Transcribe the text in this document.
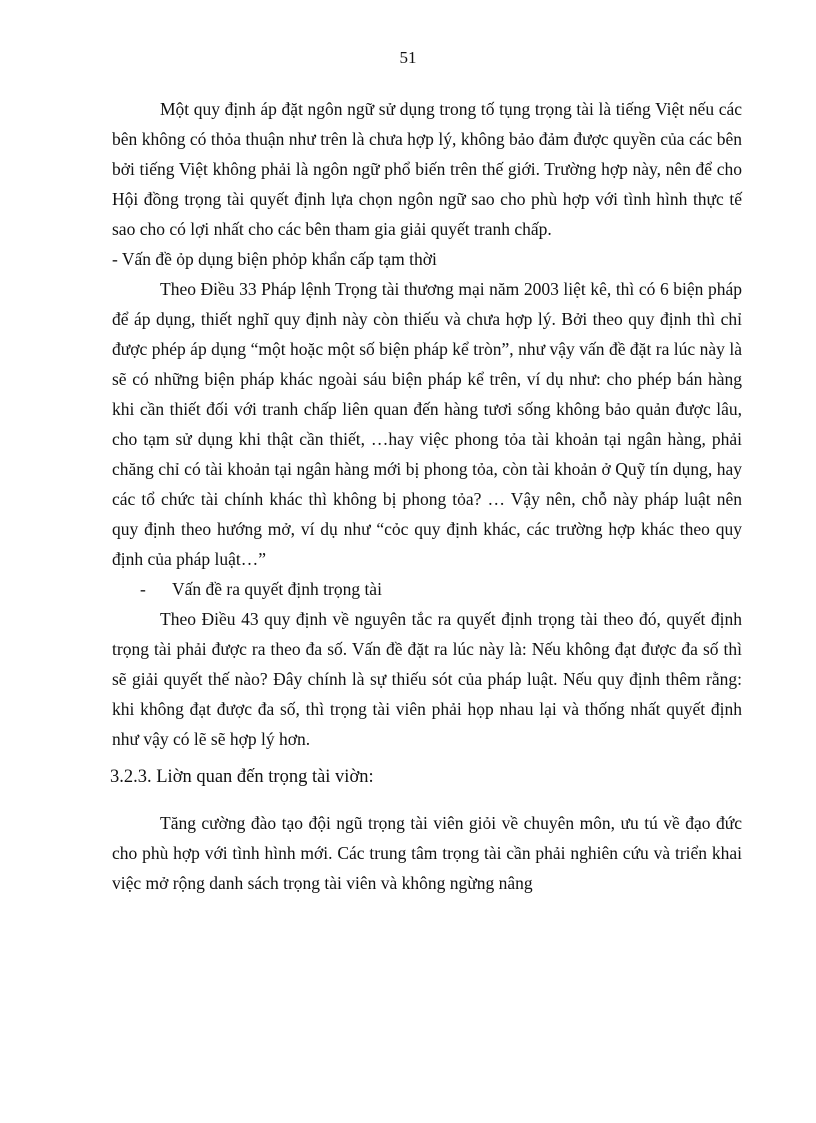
51

Một quy định áp đặt ngôn ngữ sử dụng trong tố tụng trọng tài là tiếng Việt nếu các bên không có thỏa thuận như trên là chưa hợp lý, không bảo đảm được quyền của các bên bởi tiếng Việt không phải là ngôn ngữ phổ biến trên thế giới. Trường hợp này, nên để cho Hội đồng trọng tài quyết định lựa chọn ngôn ngữ sao cho phù hợp với tình hình thực tế sao cho có lợi nhất cho các bên tham gia giải quyết tranh chấp.

- Vấn đề ỏp dụng biện phỏp khẩn cấp tạm thời

Theo Điều 33 Pháp lệnh Trọng tài thương mại năm 2003 liệt kê, thì có 6 biện pháp để áp dụng, thiết nghĩ quy định này còn thiếu và chưa hợp lý. Bởi theo quy định thì chỉ được phép áp dụng “một hoặc một số biện pháp kể tròn”, như vậy vấn đề đặt ra lúc này là sẽ có những biện pháp khác ngoài sáu biện pháp kể trên, ví dụ như: cho phép bán hàng khi cần thiết đối với tranh chấp liên quan đến hàng tươi sống không bảo quản được lâu, cho tạm sử dụng khi thật cần thiết, …hay việc phong tỏa tài khoản tại ngân hàng, phải chăng chỉ có tài khoản tại ngân hàng mới bị phong tỏa, còn tài khoản ở Quỹ tín dụng, hay các tổ chức tài chính khác thì không bị phong tỏa? … Vậy nên, chỗ này pháp luật nên quy định theo hướng mở, ví dụ như “cỏc quy định khác, các trường hợp khác theo quy định của pháp luật…”

- Vấn đề ra quyết định trọng tài

Theo Điều 43 quy định về nguyên tắc ra quyết định trọng tài theo đó, quyết định trọng tài phải được ra theo đa số. Vấn đề đặt ra lúc này là: Nếu không đạt được đa số thì sẽ giải quyết thế nào? Đây chính là sự thiếu sót của pháp luật. Nếu quy định thêm rằng: khi không đạt được đa số, thì trọng tài viên phải họp nhau lại và thống nhất quyết định như vậy có lẽ sẽ hợp lý hơn.

3.2.3. Liờn quan đến trọng tài viờn:

Tăng cường đào tạo đội ngũ trọng tài viên giỏi về chuyên môn, ưu tú về đạo đức cho phù hợp với tình hình mới. Các trung tâm trọng tài cần phải nghiên cứu và triển khai việc mở rộng danh sách trọng tài viên và không ngừng nâng
